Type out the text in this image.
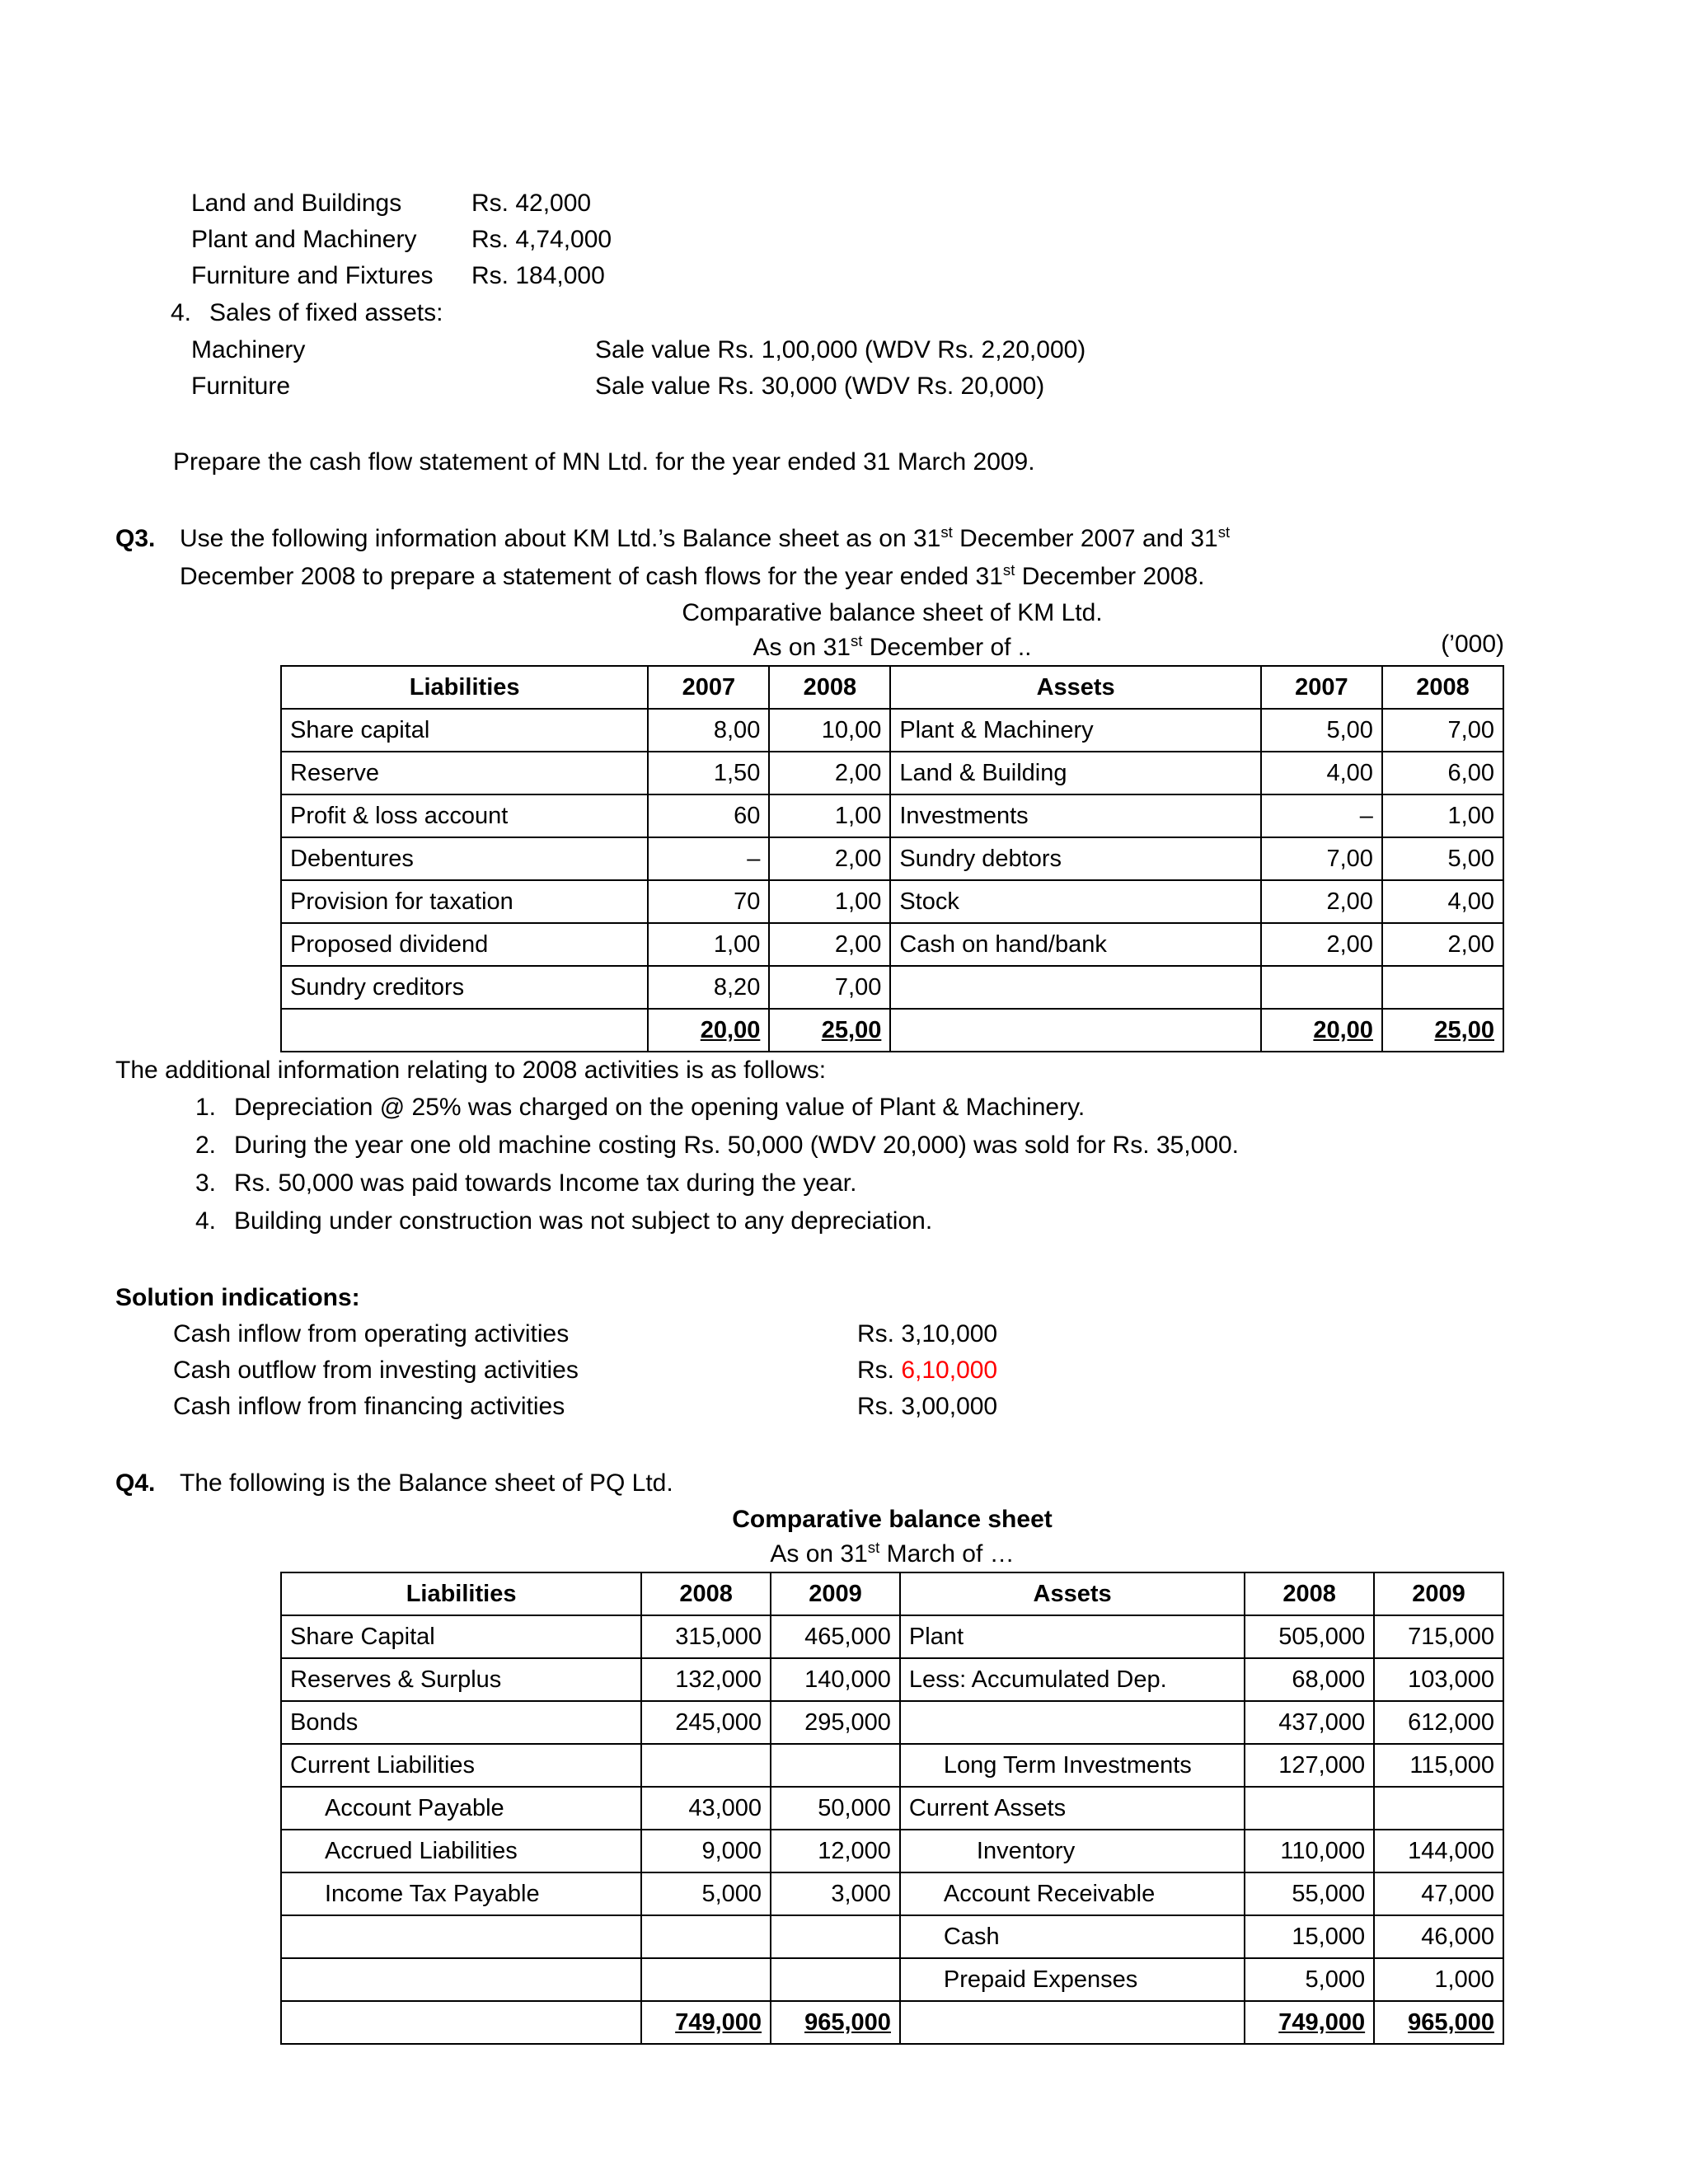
Land and Buildings	Rs. 42,000
Plant and Machinery	Rs. 4,74,000
Furniture and Fixtures	Rs. 184,000
4. Sales of fixed assets:
Machinery	Sale value Rs. 1,00,000 (WDV Rs. 2,20,000)
Furniture	Sale value Rs. 30,000 (WDV Rs. 20,000)
Prepare the cash flow statement of MN Ltd. for the year ended 31 March 2009.
Q3. Use the following information about KM Ltd.’s Balance sheet as on 31st December 2007 and 31st
December 2008 to prepare a statement of cash flows for the year ended 31st December 2008.
Comparative balance sheet of KM Ltd.
As on 31st December of ..	(’000)
Liabilities	2007	2008	Assets	2007	2008
Share capital	8,00	10,00	Plant & Machinery	5,00	7,00
Reserve	1,50	2,00	Land & Building	4,00	6,00
Profit & loss account	60	1,00	Investments	–	1,00
Debentures	–	2,00	Sundry debtors	7,00	5,00
Provision for taxation	70	1,00	Stock	2,00	4,00
Proposed dividend	1,00	2,00	Cash on hand/bank	2,00	2,00
Sundry creditors	8,20	7,00			
	20,00	25,00		20,00	25,00
The additional information relating to 2008 activities is as follows:
1. Depreciation @ 25% was charged on the opening value of Plant & Machinery.
2. During the year one old machine costing Rs. 50,000 (WDV 20,000) was sold for Rs. 35,000.
3. Rs. 50,000 was paid towards Income tax during the year.
4. Building under construction was not subject to any depreciation.
Solution indications:
Cash inflow from operating activities	Rs. 3,10,000
Cash outflow from investing activities	Rs. 6,10,000
Cash inflow from financing activities	Rs. 3,00,000
Q4. The following is the Balance sheet of PQ Ltd.
Comparative balance sheet
As on 31st March of …
Liabilities	2008	2009	Assets	2008	2009
Share Capital	315,000	465,000	Plant	505,000	715,000
Reserves & Surplus	132,000	140,000	Less: Accumulated Dep.	68,000	103,000
Bonds	245,000	295,000		437,000	612,000
Current Liabilities			Long Term Investments	127,000	115,000
Account Payable	43,000	50,000	Current Assets		
Accrued Liabilities	9,000	12,000	Inventory	110,000	144,000
Income Tax Payable	5,000	3,000	Account Receivable	55,000	47,000
			Cash	15,000	46,000
			Prepaid Expenses	5,000	1,000
	749,000	965,000		749,000	965,000
